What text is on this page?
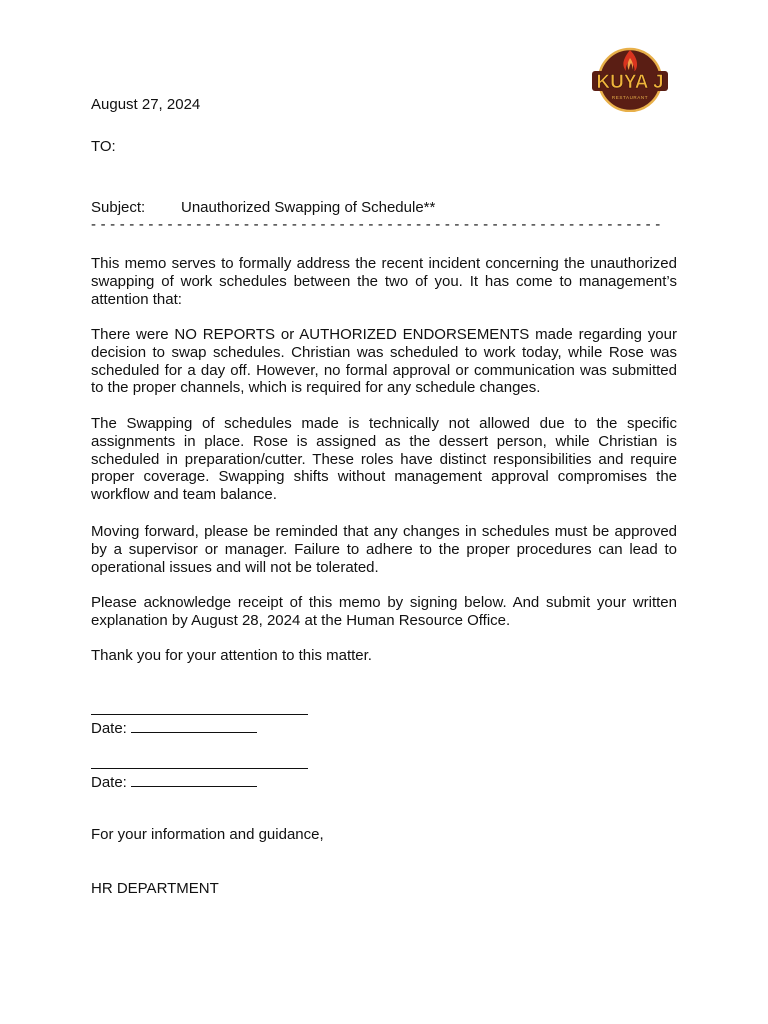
KUYA J
RESTAURANT
August 27, 2024
TO:
Subject: Unauthorized Swapping of Schedule**
- - - - - - - - - - - - - - - - - - - - - - - - - - - - - - - - - - - - - - - - - - - - - - - - - - - - - - - - - - - -
This memo serves to formally address the recent incident concerning the unauthorized swapping of work schedules between the two of you. It has come to management’s attention that:
There were NO REPORTS or AUTHORIZED ENDORSEMENTS made regarding your decision to swap schedules. Christian was scheduled to work today, while Rose was scheduled for a day off. However, no formal approval or communication was submitted to the proper channels, which is required for any schedule changes.
The Swapping of schedules made is technically not allowed due to the specific assignments in place. Rose is assigned as the dessert person, while Christian is scheduled in preparation/cutter. These roles have distinct responsibilities and require proper coverage. Swapping shifts without management approval compromises the workflow and team balance.
Moving forward, please be reminded that any changes in schedules must be approved by a supervisor or manager. Failure to adhere to the proper procedures can lead to operational issues and will not be tolerated.
Please acknowledge receipt of this memo by signing below. And submit your written explanation by August 28, 2024 at the Human Resource Office.
Thank you for your attention to this matter.
Date:
Date:
For your information and guidance,
HR DEPARTMENT
